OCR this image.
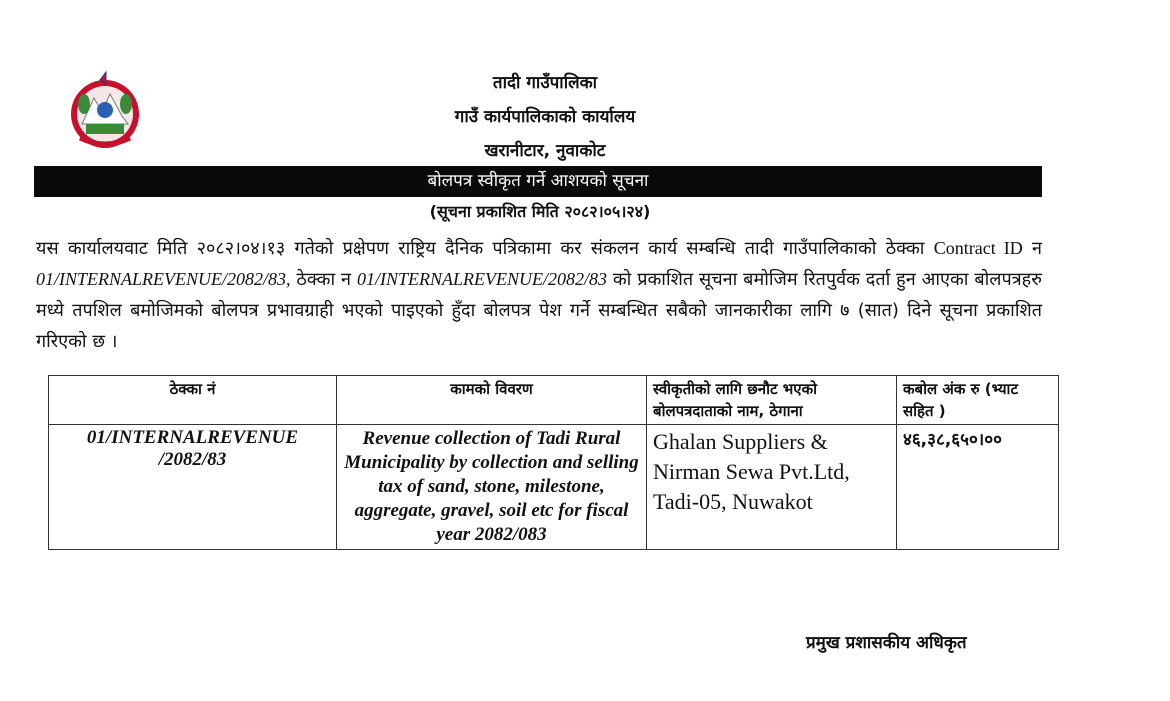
तादी गाउँपालिका
गाउँ कार्यपालिकाको कार्यालय
खरानीटार, नुवाकोट
बोलपत्र स्वीकृत गर्ने आशयको सूचना
(सूचना प्रकाशित मिति २०८२।०५।२४)
यस कार्यालयवाट मिति २०८२।०४।१३ गतेको प्रक्षेपण राष्ट्रिय दैनिक पत्रिकामा कर संकलन कार्य सम्बन्धि तादी गाउँपालिकाको ठेक्का Contract ID न 01/INTERNALREVENUE/2082/83, ठेक्का न 01/INTERNALREVENUE/2082/83 को प्रकाशित सूचना बमोजिम रितपुर्वक दर्ता हुन आएका बोलपत्रहरु मध्ये तपशिल बमोजिमको बोलपत्र प्रभावग्राही भएको पाइएको हुँदा बोलपत्र पेश गर्ने सम्बन्धित सबैको जानकारीका लागि ७ (सात) दिने सूचना प्रकाशित गरिएको छ ।
ठेक्का नं	कामको विवरण	स्वीकृतीको लागि छनौट भएको बोलपत्रदाताको नाम, ठेगाना	कबोल अंक रु (भ्याट सहित )
01/INTERNALREVENUE /2082/83	Revenue collection of Tadi Rural Municipality by collection and selling tax of sand, stone, milestone, aggregate, gravel, soil etc for fiscal year 2082/083	Ghalan Suppliers & Nirman Sewa Pvt.Ltd, Tadi-05, Nuwakot	४६,३८,६५०।००
प्रमुख प्रशासकीय अधिकृत
